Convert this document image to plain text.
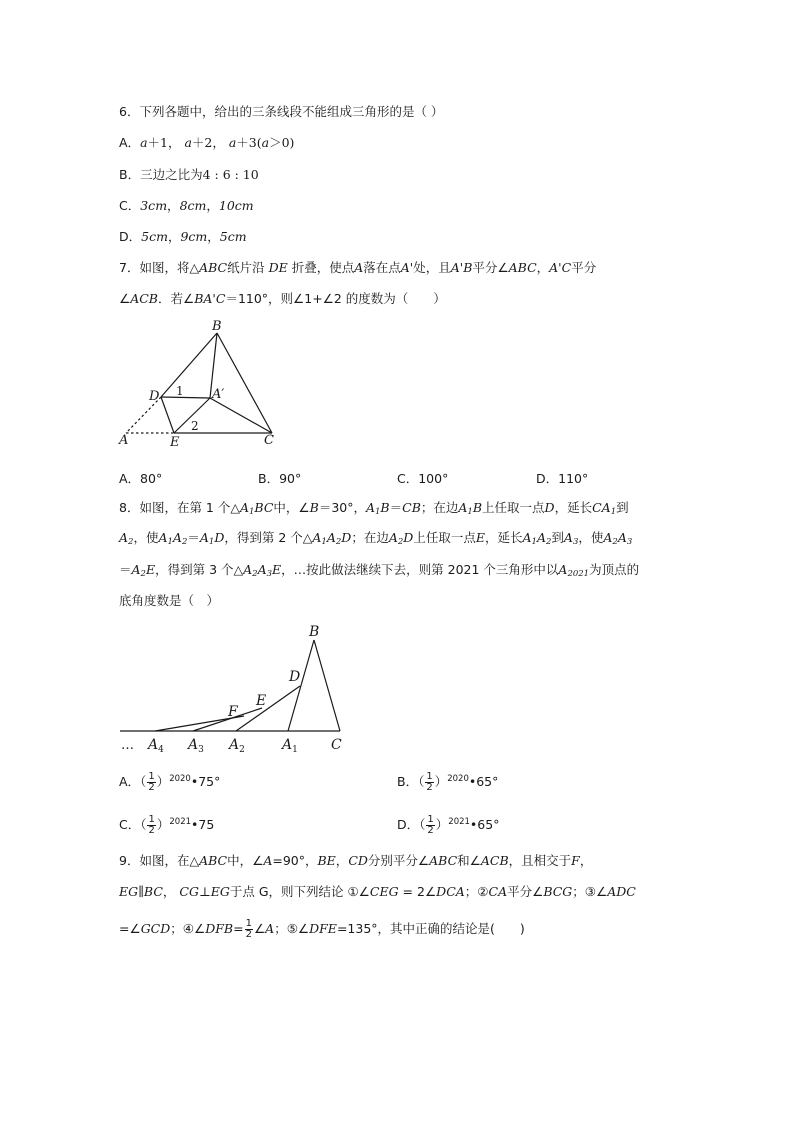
6．下列各题中，给出的三条线段不能组成三角形的是（ ）
A．a＋1， a＋2， a＋3(a＞0)
B．三边之比为4 : 6 : 10
C．3cm，8cm，10cm
D．5cm，9cm，5cm
7．如图，将△ABC纸片沿 DE 折叠，使点A落在点A'处，且A'B平分∠ABC，A'C平分
∠ACB．若∠BA'C＝110°，则∠1+∠2 的度数为（　　）
B
D 1 A′
A	E
2
C
A．80°	B．90°	C．100°	D．110°
8．如图，在第 1 个$\triangle A_1BC$中，∠B＝30°，$A_1B=CB$；在边$A_1B$上任取一点D，延长$CA_1$到
$A_2$，使$A_1A_2=A_1D$，得到第 2 个$\triangle A_1A_2D$；在边$A_2D$上任取一点E，延长$A_1A_2$到$A_3$，使$A_2A_3$
$=A_2E$，得到第 3 个$\triangle A_2A_3E$，…按此做法继续下去，则第 2021 个三角形中以$A_{2021}$为顶点的
底角度数是（　）
B
D
E
F
… $A_4$ $A_3$ $A_2$	$A_1$ C
A．（ $\frac{1}{2}$ ）$^{2020}$•75°	B．（ $\frac{1}{2}$ ）$^{2020}$•65°
C．（ $\frac{1}{2}$ ）$^{2021}$•75	D．（ $\frac{1}{2}$ ）$^{2021}$•65°
9．如图，在△ABC中，∠A=90°，BE，CD分别平分∠ABC和∠ACB，且相交于F，
EG∥BC， CG⊥EG于点 G，则下列结论 ①∠CEG = 2∠DCA；②CA平分∠BCG；③∠ADC
=∠GCD；④∠DFB= $\frac{1}{2}$ ∠A；⑤∠DFE=135°，其中正确的结论是(　　)
